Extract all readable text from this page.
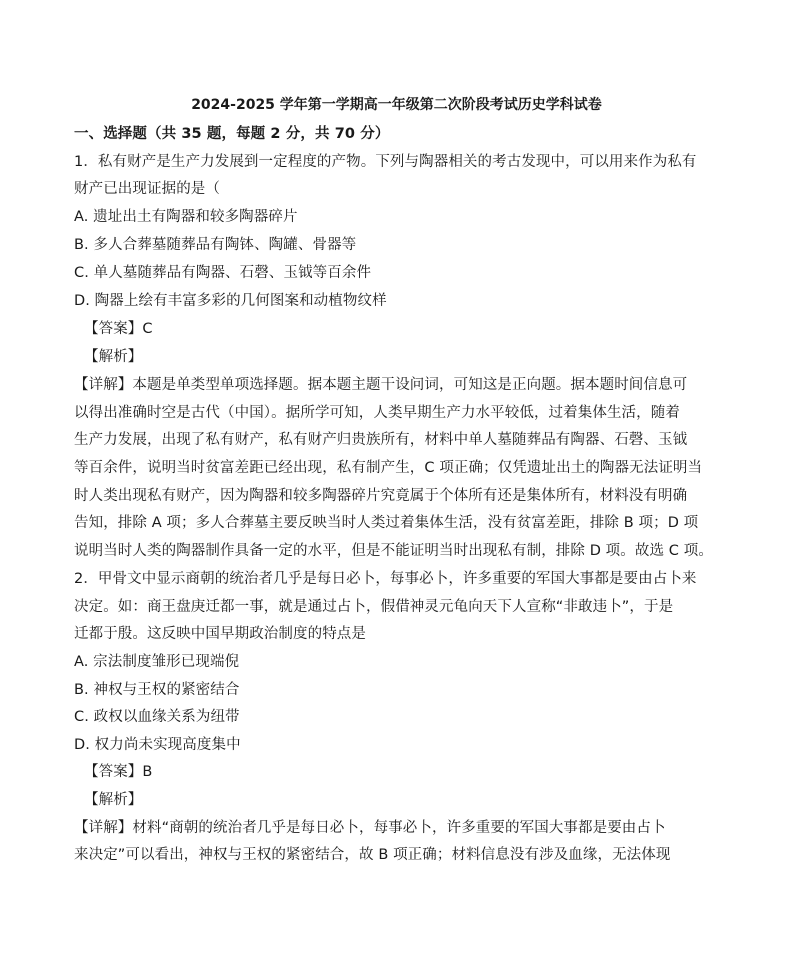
2024-2025 学年第一学期高一年级第二次阶段考试历史学科试卷
一、选择题（共 35 题，每题 2 分，共 70 分）
1．私有财产是生产力发展到一定程度的产物。下列与陶器相关的考古发现中，可以用来作为私有
财产已出现证据的是（
A. 遗址出土有陶器和较多陶器碎片
B. 多人合葬墓随葬品有陶钵、陶罐、骨器等
C. 单人墓随葬品有陶器、石磬、玉钺等百余件
D. 陶器上绘有丰富多彩的几何图案和动植物纹样
【答案】C
【解析】
【详解】本题是单类型单项选择题。据本题主题干设问词，可知这是正向题。据本题时间信息可
以得出准确时空是古代（中国）。据所学可知，人类早期生产力水平较低，过着集体生活，随着
生产力发展，出现了私有财产，私有财产归贵族所有，材料中单人墓随葬品有陶器、石磬、玉钺
等百余件，说明当时贫富差距已经出现，私有制产生，C 项正确；仅凭遗址出土的陶器无法证明当
时人类出现私有财产，因为陶器和较多陶器碎片究竟属于个体所有还是集体所有，材料没有明确
告知，排除 A 项；多人合葬墓主要反映当时人类过着集体生活，没有贫富差距，排除 B 项；D 项
说明当时人类的陶器制作具备一定的水平，但是不能证明当时出现私有制，排除 D 项。故选 C 项。
2．甲骨文中显示商朝的统治者几乎是每日必卜，每事必卜，许多重要的军国大事都是要由占卜来
决定。如：商王盘庚迁都一事，就是通过占卜，假借神灵元龟向天下人宣称“非敢违卜”，于是
迁都于殷。这反映中国早期政治制度的特点是
A. 宗法制度雏形已现端倪
B. 神权与王权的紧密结合
C. 政权以血缘关系为纽带
D. 权力尚未实现高度集中
【答案】B
【解析】
【详解】材料“商朝的统治者几乎是每日必卜，每事必卜，许多重要的军国大事都是要由占卜
来决定”可以看出，神权与王权的紧密结合，故 B 项正确；材料信息没有涉及血缘，无法体现
